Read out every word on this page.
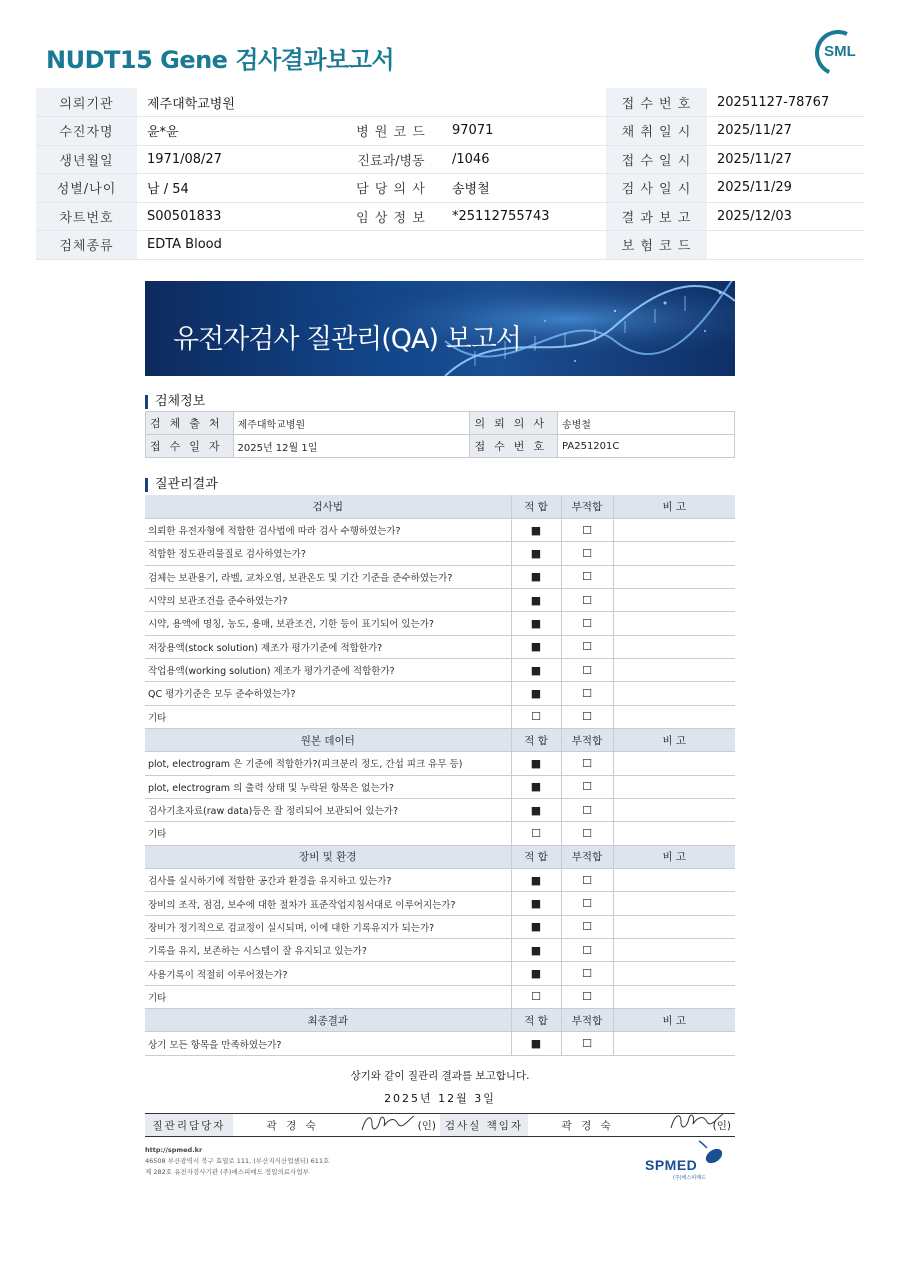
NUDT15 Gene 검사결과보고서	SML
의뢰기관	제주대학교병원			접 수 번 호	20251127-78767
수진자명	윤*윤	병 원 코 드	97071	채 취 일 시	2025/11/27
생년월일	1971/08/27	진료과/병동	/1046	접 수 일 시	2025/11/27
성별/나이	남 / 54	담 당 의 사	송병철	검 사 일 시	2025/11/29
차트번호	S00501833	임 상 정 보	*25112755743	결 과 보 고	2025/12/03
검체종류	EDTA Blood			보 험 코 드	
유전자검사 질관리(QA) 보고서
검체정보
검체출처	제주대학교병원	의뢰의사	송병철
접수일자	2025년 12월 1일	접수번호	PA251201C
질관리결과
검사법	적 합	부적합	비 고
의뢰한 유전자형에 적합한 검사법에 따라 검사 수행하였는가?	■	☐	
적합한 정도관리물질로 검사하였는가?	■	☐	
검체는 보관용기, 라벨, 교차오염, 보관온도 및 기간 기준을 준수하였는가?	■	☐	
시약의 보관조건을 준수하였는가?	■	☐	
시약, 용액에 명칭, 농도, 용매, 보관조건, 기한 등이 표기되어 있는가?	■	☐	
저장용액(stock solution) 제조가 평가기준에 적합한가?	■	☐	
작업용액(working solution) 제조가 평가기준에 적합한가?	■	☐	
QC 평가기준은 모두 준수하였는가?	■	☐	
기타	☐	☐	
원본 데이터	적 합	부적합	비 고
plot, electrogram 은 기준에 적합한가?(피크분리 정도, 간섭 피크 유무 등)	■	☐	
plot, electrogram 의 출력 상태 및 누락된 항목은 없는가?	■	☐	
검사기초자료(raw data)등은 잘 정리되어 보관되어 있는가?	■	☐	
기타	☐	☐	
장비 및 환경	적 합	부적합	비 고
검사를 실시하기에 적합한 공간과 환경을 유지하고 있는가?	■	☐	
장비의 조작, 점검, 보수에 대한 절차가 표준작업지침서대로 이루어지는가?	■	☐	
장비가 정기적으로 검교정이 실시되며, 이에 대한 기록유지가 되는가?	■	☐	
기록을 유지, 보존하는 시스템이 잘 유지되고 있는가?	■	☐	
사용기록이 적절히 이루어졌는가?	■	☐	
기타	☐	☐	
최종결과	적 합	부적합	비 고
상기 모든 항목을 만족하였는가?	■	☐	
상기와 같이 질관리 결과를 보고합니다.
2025년 12월 3일
질관리담당자	곽 경 숙	(인)	검사실 책임자	곽 경 숙	(인)
http://spmed.kr
46508 부산광역시 북구 효열로 111, (부산지식산업센터) 611호
제 282호 유전자검사기관 (주)에스피메드 정밀의료사업부	SPMED
(주)에스피메드
